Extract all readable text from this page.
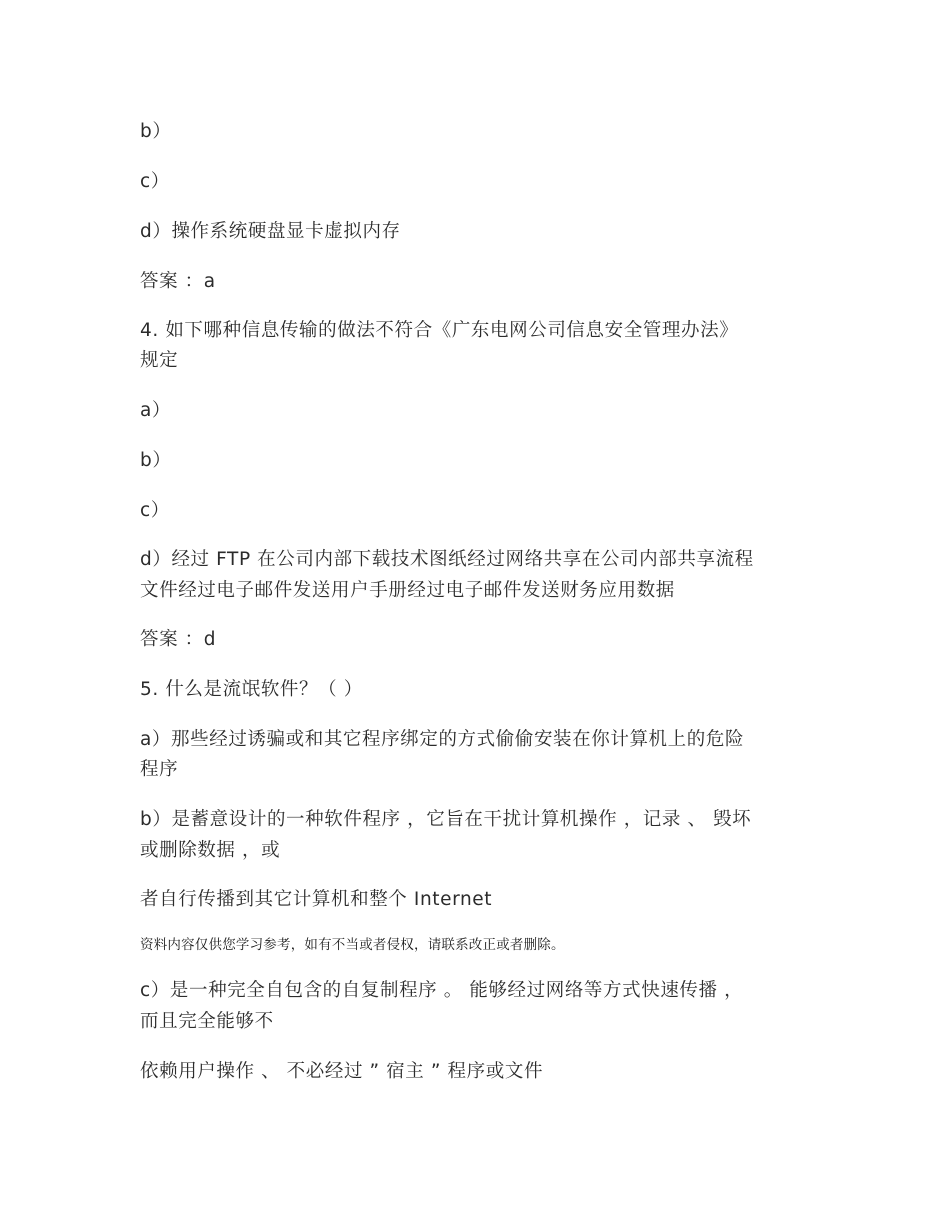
b）
c）
d）操作系统硬盘显卡虚拟内存
答案 ：a
4. 如下哪种信息传输的做法不符合《广东电网公司信息安全管理办法》
规定
a）
b）
c）
d）经过 FTP 在公司内部下载技术图纸经过网络共享在公司内部共享流程
文件经过电子邮件发送用户手册经过电子邮件发送财务应用数据
答案 ：d
5. 什么是流氓软件？（ ）
a）那些经过诱骗或和其它程序绑定的方式偷偷安装在你计算机上的危险
程序
b）是蓄意设计的一种软件程序 ，它旨在干扰计算机操作 ，记录 、 毁坏
或删除数据 ，或
者自行传播到其它计算机和整个 Internet
资料内容仅供您学习参考，如有不当或者侵权，请联系改正或者删除。
c）是一种完全自包含的自复制程序 。 能够经过网络等方式快速传播 ，
而且完全能够不
依赖用户操作 、 不必经过 ” 宿主 ” 程序或文件
